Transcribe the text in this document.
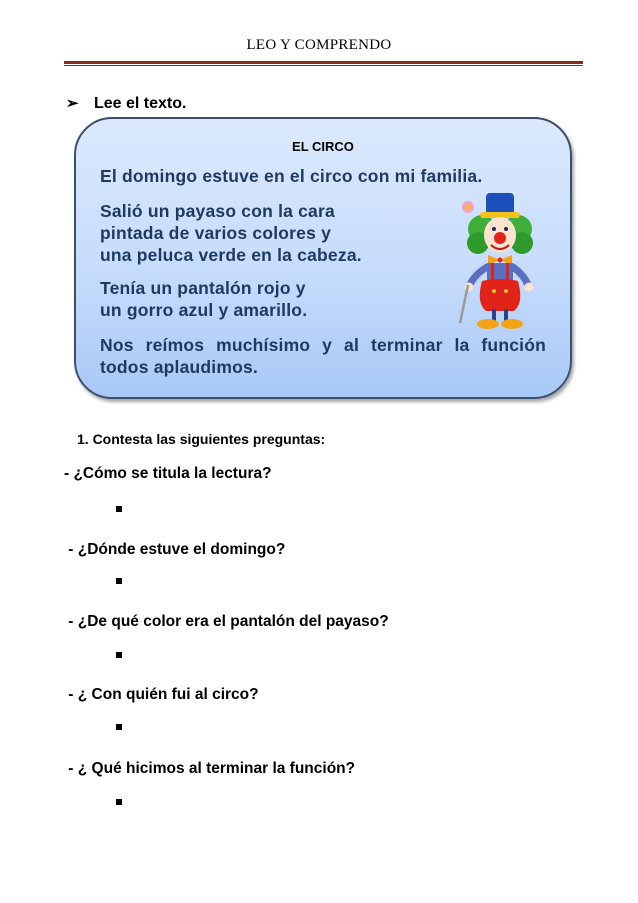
LEO Y COMPRENDO
➢ Lee el texto.
EL CIRCO
El domingo estuve en el circo con mi familia.
Salió un payaso con la cara
pintada de varios colores y
una peluca verde en la cabeza.
Tenía un pantalón rojo y
un gorro azul y amarillo.
Nos reímos muchísimo y al terminar la función
todos aplaudimos.
1. Contesta las siguientes preguntas:
- ¿Cómo se titula la lectura?
- ¿Dónde estuve el domingo?
- ¿De qué color era el pantalón del payaso?
- ¿ Con quién fui al circo?
- ¿ Qué hicimos al terminar la función?
